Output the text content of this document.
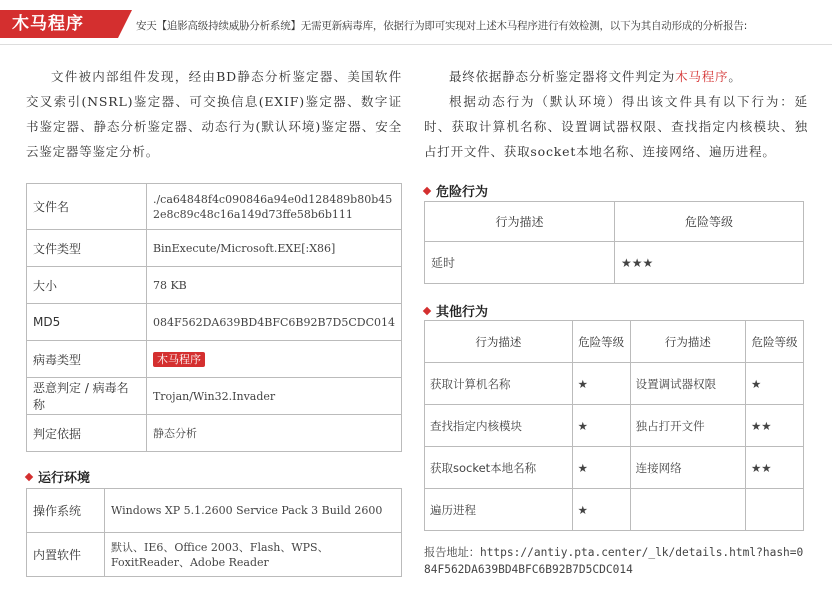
木马程序	安天【追影高级持续威胁分析系统】无需更新病毒库，依据行为即可实现对上述木马程序进行有效检测，以下为其自动形成的分析报告:
文件被内部组件发现，经由BD静态分析鉴定器、美国软件交叉索引(NSRL)鉴定器、可交换信息(EXIF)鉴定器、数字证书鉴定器、静态分析鉴定器、动态行为(默认环境)鉴定器、安全云鉴定器等鉴定分析。

最终依据静态分析鉴定器将文件判定为木马程序。

根据动态行为（默认环境）得出该文件具有以下行为：延时、获取计算机名称、设置调试器权限、查找指定内核模块、独占打开文件、获取socket本地名称、连接网络、遍历进程。

文件名	./ca64848f4c090846a94e0d128489b80b452e8c89c48c16a149d73ffe58b6b111
文件类型	BinExecute/Microsoft.EXE[:X86]
大小	78 KB
MD5	084F562DA639BD4BFC6B92B7D5CDC014
病毒类型	木马程序
恶意判定 / 病毒名称	Trojan/Win32.Invader
判定依据	静态分析
运行环境
操作系统	Windows XP 5.1.2600 Service Pack 3 Build 2600
内置软件	默认、IE6、Office 2003、Flash、WPS、FoxitReader、Adobe Reader
危险行为
行为描述	危险等级
延时	★★★
其他行为
行为描述	危险等级	行为描述	危险等级
获取计算机名称	★	设置调试器权限	★
查找指定内核模块	★	独占打开文件	★★
获取socket本地名称	★	连接网络	★★
遍历进程	★		
报告地址：https://antiy.pta.center/_lk/details.html?hash=084F562DA639BD4BFC6B92B7D5CDC014
